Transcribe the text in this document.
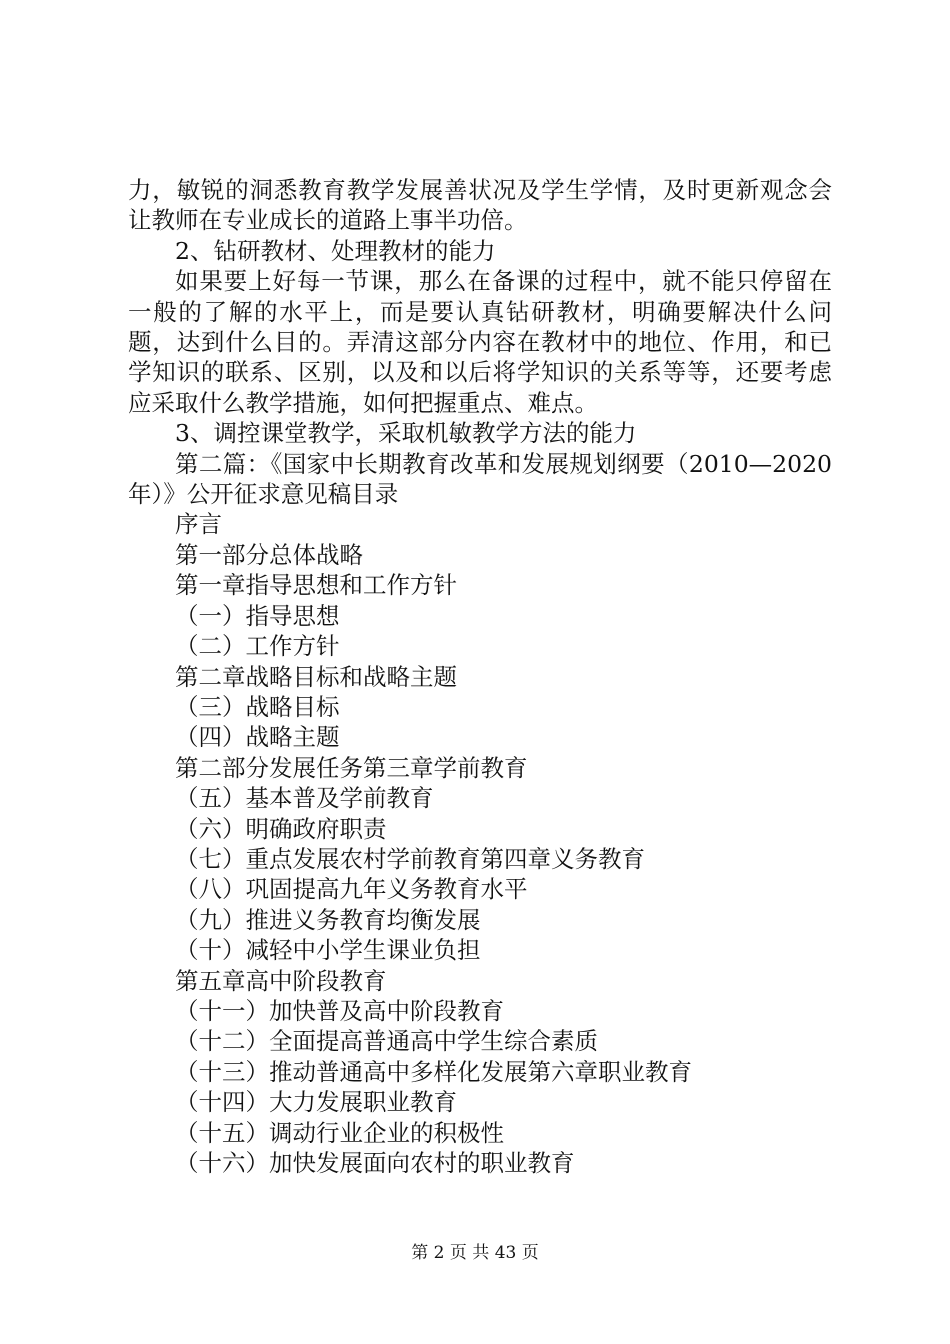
力，敏锐的洞悉教育教学发展善状况及学生学情，及时更新观念会让教师在专业成长的道路上事半功倍。

2、钻研教材、处理教材的能力

如果要上好每一节课，那么在备课的过程中，就不能只停留在一般的了解的水平上，而是要认真钻研教材，明确要解决什么问题，达到什么目的。弄清这部分内容在教材中的地位、作用，和已学知识的联系、区别，以及和以后将学知识的关系等等，还要考虑应采取什么教学措施，如何把握重点、难点。

3、调控课堂教学，采取机敏教学方法的能力

第二篇：《国家中长期教育改革和发展规划纲要（2010—2020年）》公开征求意见稿目录

序言

第一部分总体战略

第一章指导思想和工作方针

（一）指导思想

（二）工作方针

第二章战略目标和战略主题

（三）战略目标

（四）战略主题

第二部分发展任务第三章学前教育

（五）基本普及学前教育

（六）明确政府职责

（七）重点发展农村学前教育第四章义务教育

（八）巩固提高九年义务教育水平

（九）推进义务教育均衡发展

（十）减轻中小学生课业负担

第五章高中阶段教育

（十一）加快普及高中阶段教育

（十二）全面提高普通高中学生综合素质

（十三）推动普通高中多样化发展第六章职业教育

（十四）大力发展职业教育

（十五）调动行业企业的积极性

（十六）加快发展面向农村的职业教育

第 2 页 共 43 页
